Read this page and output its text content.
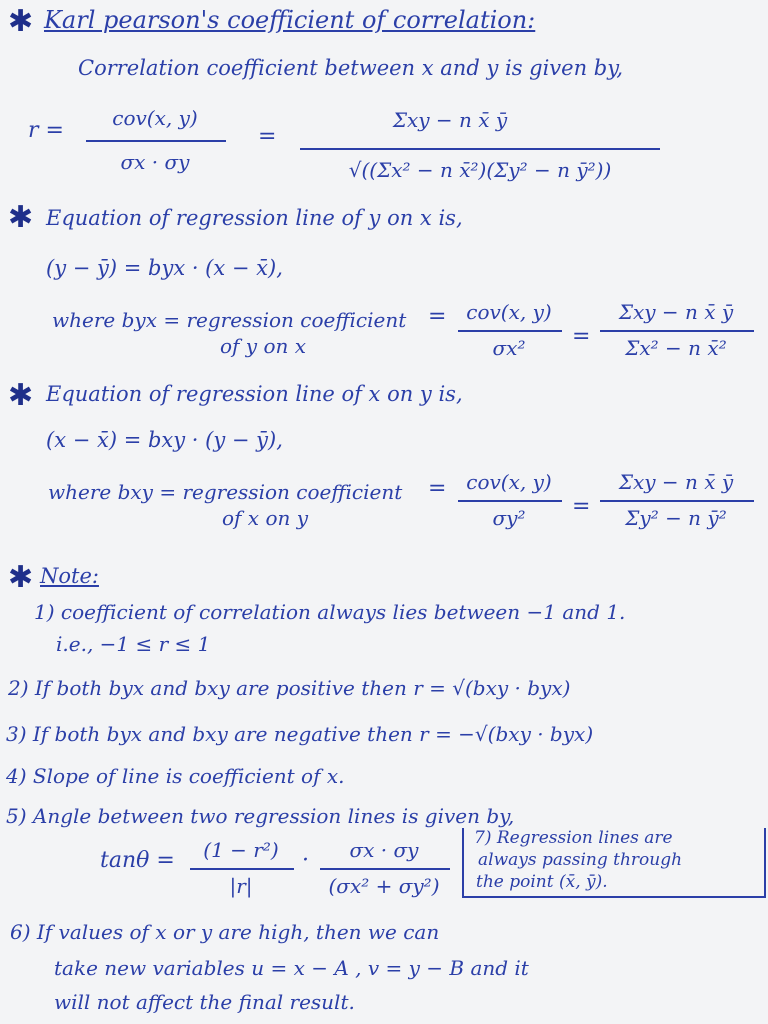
✱ Karl pearson's coefficient of correlation:
Correlation coefficient between x and y is given by,
r =	cov(x, y)
σx · σy
=
Σxy − n x̄ ȳ
√((Σx² − n x̄²)(Σy² − n ȳ²))
✱ Equation of regression line of y on x is,
(y − ȳ) = byx · (x − x̄),
where byx = regression coefficient
of y on x
= cov(x, y)
σx²	=
Σxy − n x̄ ȳ
Σx² − n x̄²
✱ Equation of regression line of x on y is,
(x − x̄) = bxy · (y − ȳ),
where bxy = regression coefficient
of x on y
= cov(x, y)
σy²	=
Σxy − n x̄ ȳ
Σy² − n ȳ²
✱ Note:
1) coefficient of correlation always lies between −1 and 1.
i.e., −1 ≤ r ≤ 1
2) If both byx and bxy are positive then r = √(bxy · byx)
3) If both byx and bxy are negative then r = −√(bxy · byx)
4) Slope of line is coefficient of x.
5) Angle between two regression lines is given by,
tanθ =	(1 − r²)
|r|
·	σx · σy
(σx² + σy²)
7) Regression lines are
always passing through
the point (x̄, ȳ).
6) If values of x or y are high, then we can
take new variables u = x − A , v = y − B and it
will not affect the final result.
